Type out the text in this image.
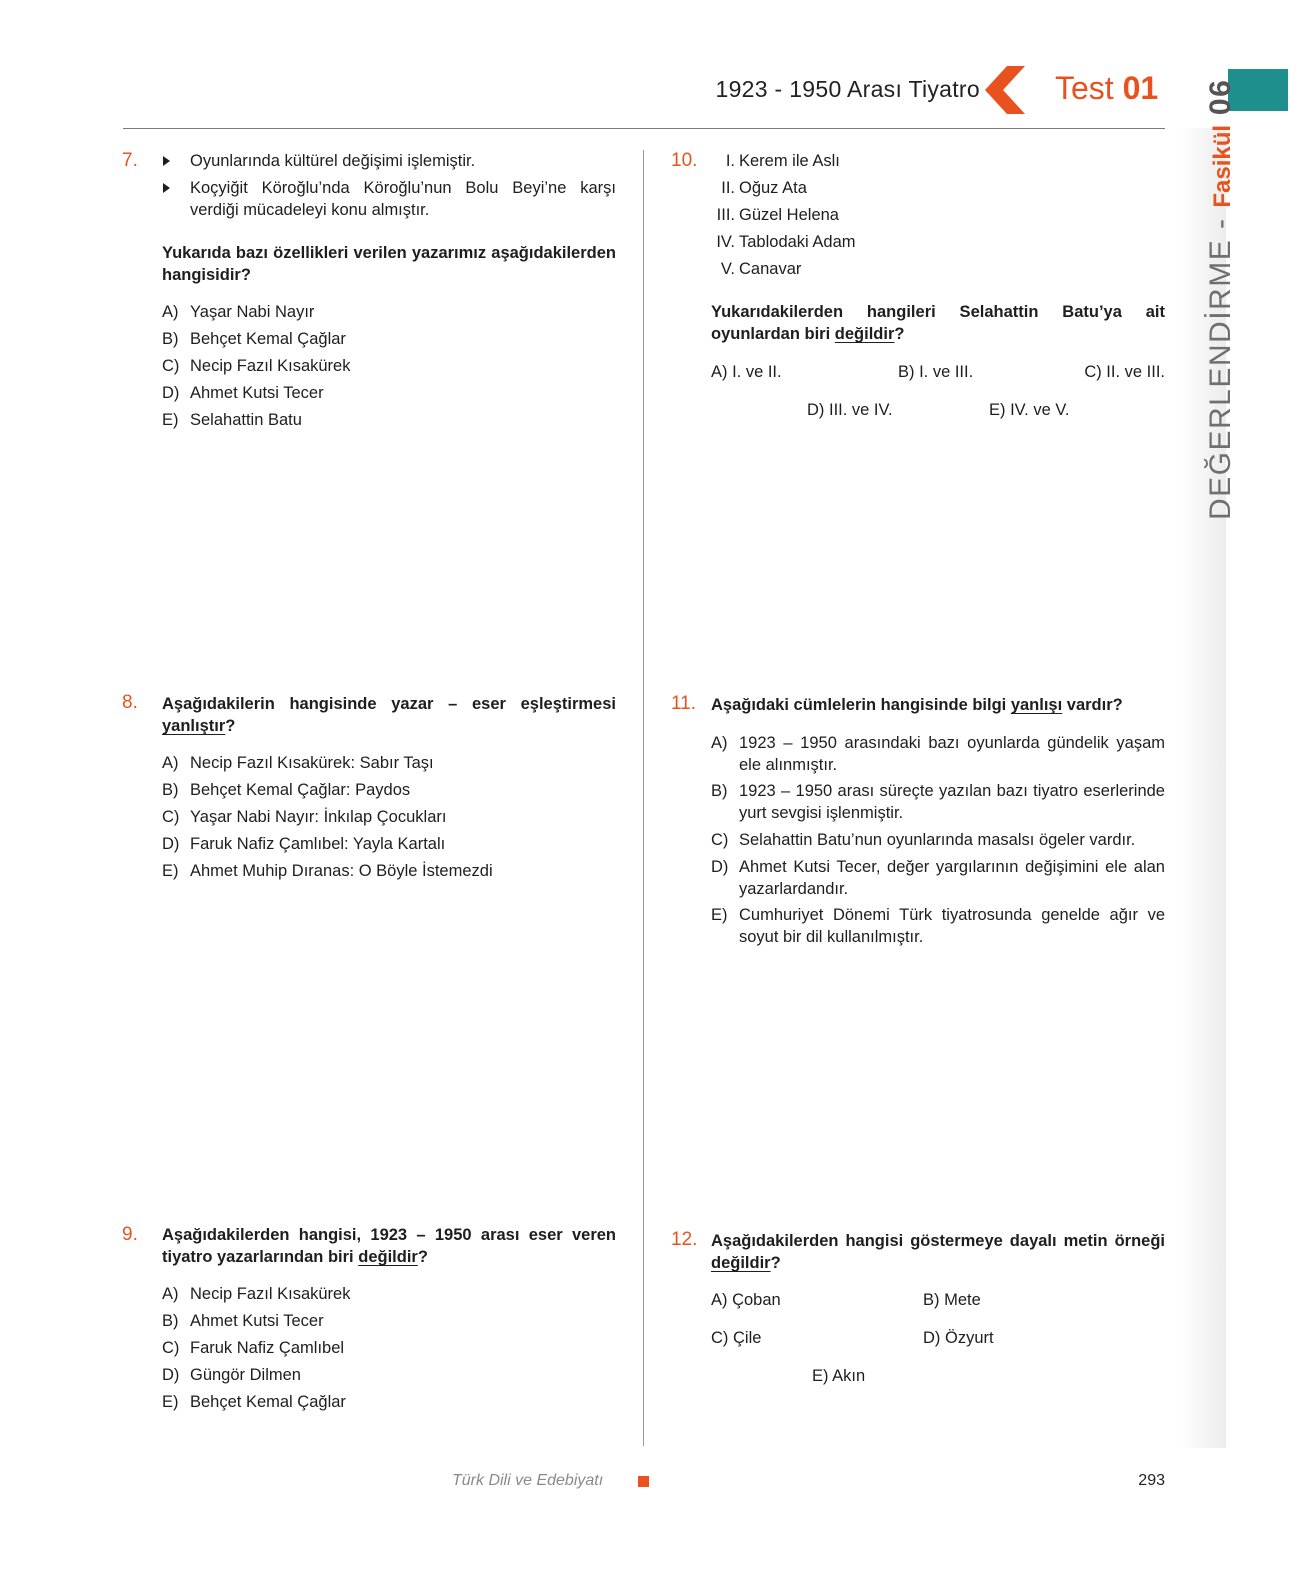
1923 - 1950 Arası Tiyatro Test 01
DEĞERLENDİRME - Fasikül 06
7.	Oyunlarında kültürel değişimi işlemiştir.
Koçyiğit Köroğlu’nda Köroğlu’nun Bolu Beyi’ne karşı verdiği mücadeleyi konu almıştır.
Yukarıda bazı özellikleri verilen yazarımız aşağıdakilerden hangisidir?
A) Yaşar Nabi Nayır
B) Behçet Kemal Çağlar
C) Necip Fazıl Kısakürek
D) Ahmet Kutsi Tecer
E) Selahattin Batu
8. Aşağıdakilerin hangisinde yazar – eser eşleştirmesi yanlıştır?
A) Necip Fazıl Kısakürek: Sabır Taşı
B) Behçet Kemal Çağlar: Paydos
C) Yaşar Nabi Nayır: İnkılap Çocukları
D) Faruk Nafiz Çamlıbel: Yayla Kartalı
E) Ahmet Muhip Dıranas: O Böyle İstemezdi
9. Aşağıdakilerden hangisi, 1923 – 1950 arası eser veren tiyatro yazarlarından biri değildir?
A) Necip Fazıl Kısakürek
B) Ahmet Kutsi Tecer
C) Faruk Nafiz Çamlıbel
D) Güngör Dilmen
E) Behçet Kemal Çağlar
10.	I. Kerem ile Aslı
II. Oğuz Ata
III. Güzel Helena
IV. Tablodaki Adam
V. Canavar
Yukarıdakilerden hangileri Selahattin Batu’ya ait oyunlardan biri değildir?
A) I. ve II.	B) I. ve III.	C) II. ve III.
D) III. ve IV.	E) IV. ve V.
11. Aşağıdaki cümlelerin hangisinde bilgi yanlışı vardır?
A) 1923 – 1950 arasındaki bazı oyunlarda gündelik yaşam ele alınmıştır.
B) 1923 – 1950 arası süreçte yazılan bazı tiyatro eserlerinde yurt sevgisi işlenmiştir.
C) Selahattin Batu’nun oyunlarında masalsı ögeler vardır.
D) Ahmet Kutsi Tecer, değer yargılarının değişimini ele alan yazarlardandır.
E) Cumhuriyet Dönemi Türk tiyatrosunda genelde ağır ve soyut bir dil kullanılmıştır.
12. Aşağıdakilerden hangisi göstermeye dayalı metin örneği değildir?
A) Çoban	B) Mete
C) Çile	D) Özyurt
E) Akın
Türk Dili ve Edebiyatı	293
